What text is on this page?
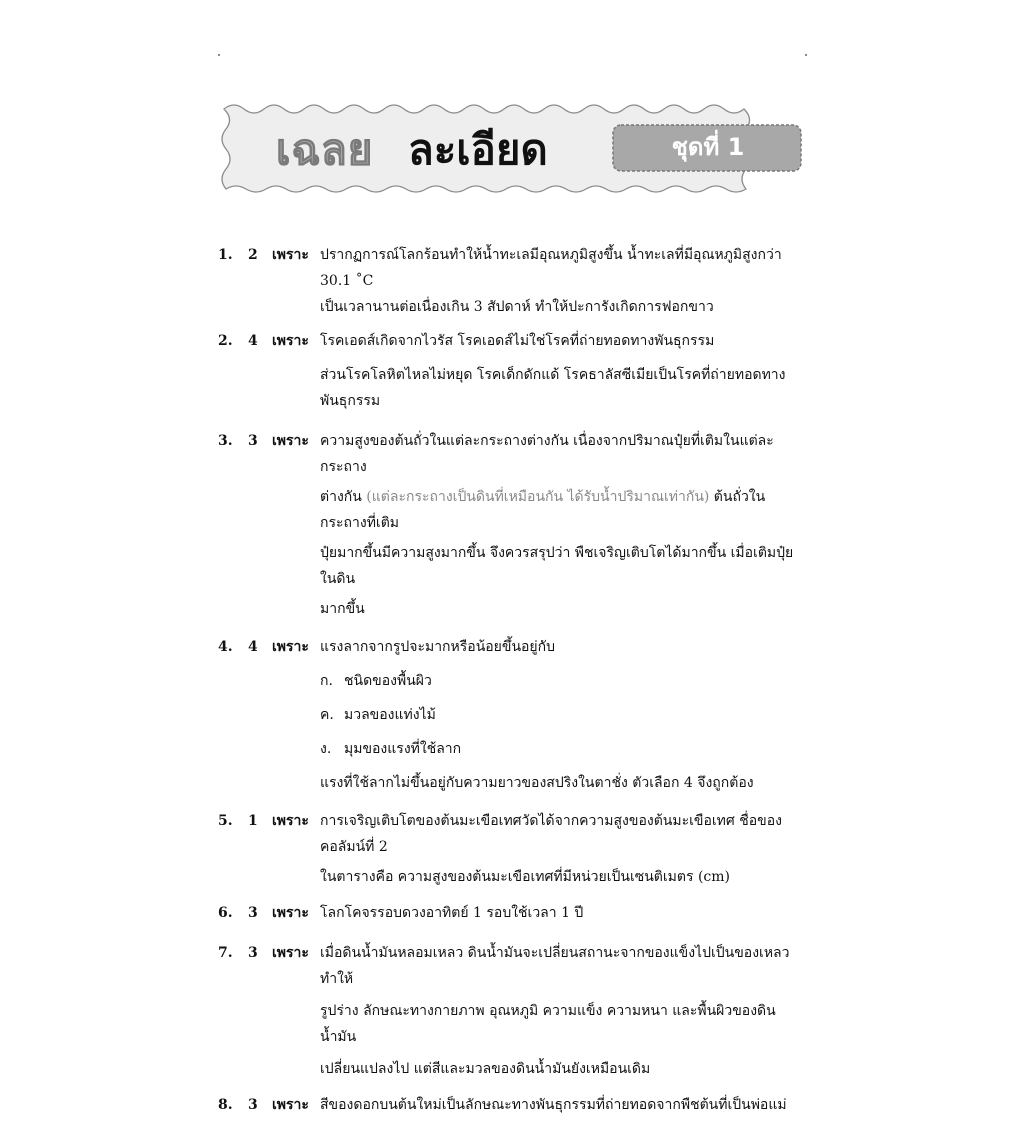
เฉลย ละเอียด	ชุดที่ 1
1.	2	เพราะ ปรากฏการณ์โลกร้อนทำให้น้ำทะเลมีอุณหภูมิสูงขึ้น น้ำทะเลที่มีอุณหภูมิสูงกว่า 30.1 ˚C
เป็นเวลานานต่อเนื่องเกิน 3 สัปดาห์ ทำให้ปะการังเกิดการฟอกขาว
2.	4	เพราะ โรคเอดส์เกิดจากไวรัส โรคเอดส์ไม่ใช่โรคที่ถ่ายทอดทางพันธุกรรม
ส่วนโรคโลหิตไหลไม่หยุด โรคเด็กดักแด้ โรคธาลัสซีเมียเป็นโรคที่ถ่ายทอดทางพันธุกรรม
3.	3	เพราะ ความสูงของต้นถั่วในแต่ละกระถางต่างกัน เนื่องจากปริมาณปุ๋ยที่เติมในแต่ละกระถาง
ต่างกัน (แต่ละกระถางเป็นดินที่เหมือนกัน ได้รับน้ำปริมาณเท่ากัน) ต้นถั่วในกระถางที่เติม
ปุ๋ยมากขึ้นมีความสูงมากขึ้น จึงควรสรุปว่า พืชเจริญเติบโตได้มากขึ้น เมื่อเติมปุ๋ยในดิน
มากขึ้น
4.	4	เพราะ แรงลากจากรูปจะมากหรือน้อยขึ้นอยู่กับ
ก. ชนิดของพื้นผิว
ค. มวลของแท่งไม้
ง. มุมของแรงที่ใช้ลาก
แรงที่ใช้ลากไม่ขึ้นอยู่กับความยาวของสปริงในตาชั่ง ตัวเลือก 4 จึงถูกต้อง
5.	1	เพราะ การเจริญเติบโตของต้นมะเขือเทศวัดได้จากความสูงของต้นมะเขือเทศ ชื่อของคอลัมน์ที่ 2
ในตารางคือ ความสูงของต้นมะเขือเทศที่มีหน่วยเป็นเซนติเมตร (cm)
6.	3	เพราะ โลกโคจรรอบดวงอาทิตย์ 1 รอบใช้เวลา 1 ปี
7.	3	เพราะ เมื่อดินน้ำมันหลอมเหลว ดินน้ำมันจะเปลี่ยนสถานะจากของแข็งไปเป็นของเหลว ทำให้
รูปร่าง ลักษณะทางกายภาพ อุณหภูมิ ความแข็ง ความหนา และพื้นผิวของดินน้ำมัน
เปลี่ยนแปลงไป แต่สีและมวลของดินน้ำมันยังเหมือนเดิม
8.	3	เพราะ สีของดอกบนต้นใหม่เป็นลักษณะทางพันธุกรรมที่ถ่ายทอดจากพืชต้นที่เป็นพ่อแม่
